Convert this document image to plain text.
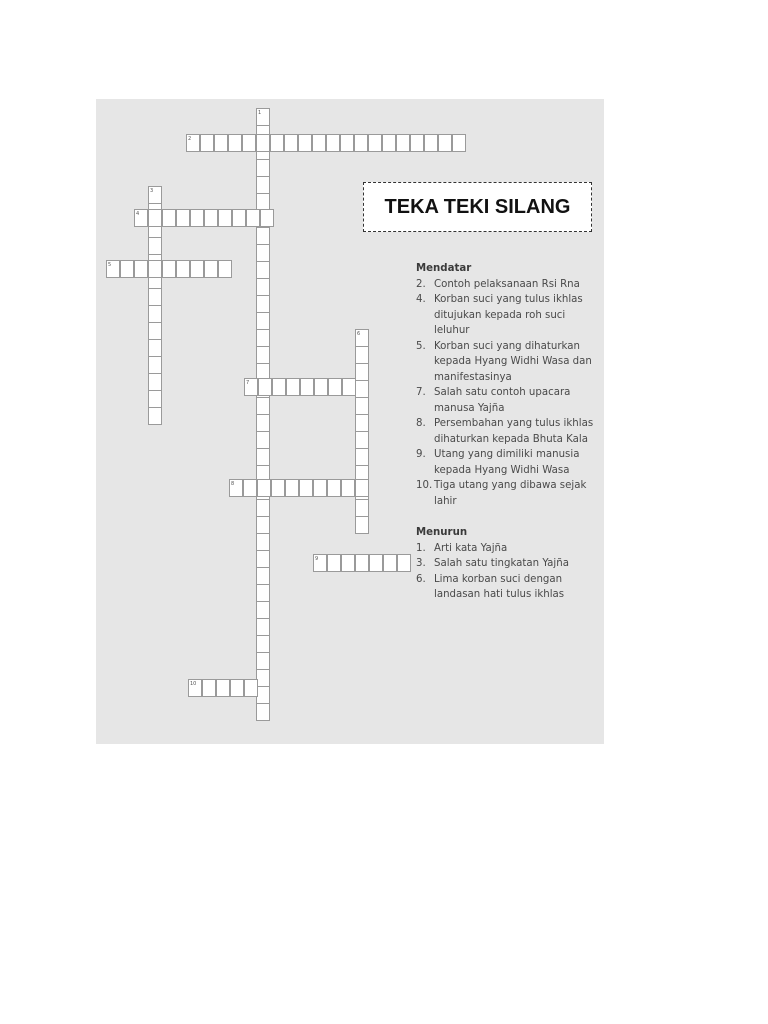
1
2
3
4
5
6
7
8
9
10
TEKA TEKI SILANG
Mendatar
2. Contoh pelaksanaan Rsi Rna
4. Korban suci yang tulus ikhlas ditujukan kepada roh suci leluhur
5. Korban suci yang dihaturkan kepada Hyang Widhi Wasa dan manifestasinya
7. Salah satu contoh upacara manusa Yajña
8. Persembahan yang tulus ikhlas dihaturkan kepada Bhuta Kala
9. Utang yang dimiliki manusia kepada Hyang Widhi Wasa
10. Tiga utang yang dibawa sejak lahir
Menurun
1. Arti kata Yajña
3. Salah satu tingkatan Yajña
6. Lima korban suci dengan landasan hati tulus ikhlas
